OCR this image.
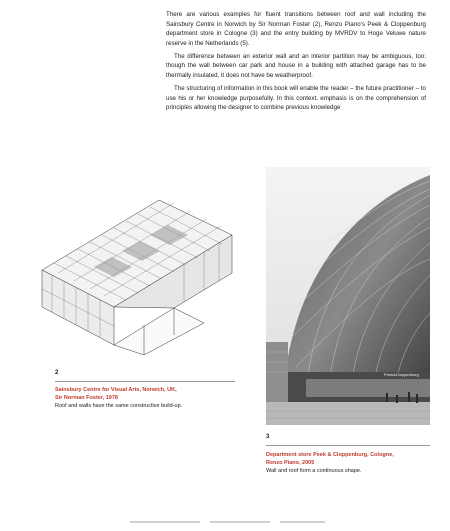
There are various examples for fluent transitions between roof and wall including the Sainsbury Centre in Norwich by Sir Norman Foster (2), Renzo Piano's Peek & Cloppenburg department store in Cologne (3) and the entry building by MVRDV to Hoge Veluwe nature reserve in the Netherlands (5).

The difference between an exterior wall and an interior partition may be ambiguous, too: though the wall between car park and house in a building with attached garage has to be thermally insulated, it does not have be weatherproof.

The structuring of information in this book will enable the reader – the future practitioner – to use his or her knowledge purposefully. In this context, emphasis is on the comprehension of principles allowing the designer to combine previous knowledge

Peek&Cloppenburg
2
Sainsbury Centre for Visual Arts, Norwich, UK,
Sir Norman Foster, 1978
Roof and walls have the same constructive build-up.
3
Department store Peek & Cloppenburg, Cologne,
Renzo Piano, 2005
Wall and roof form a continuous shape.
